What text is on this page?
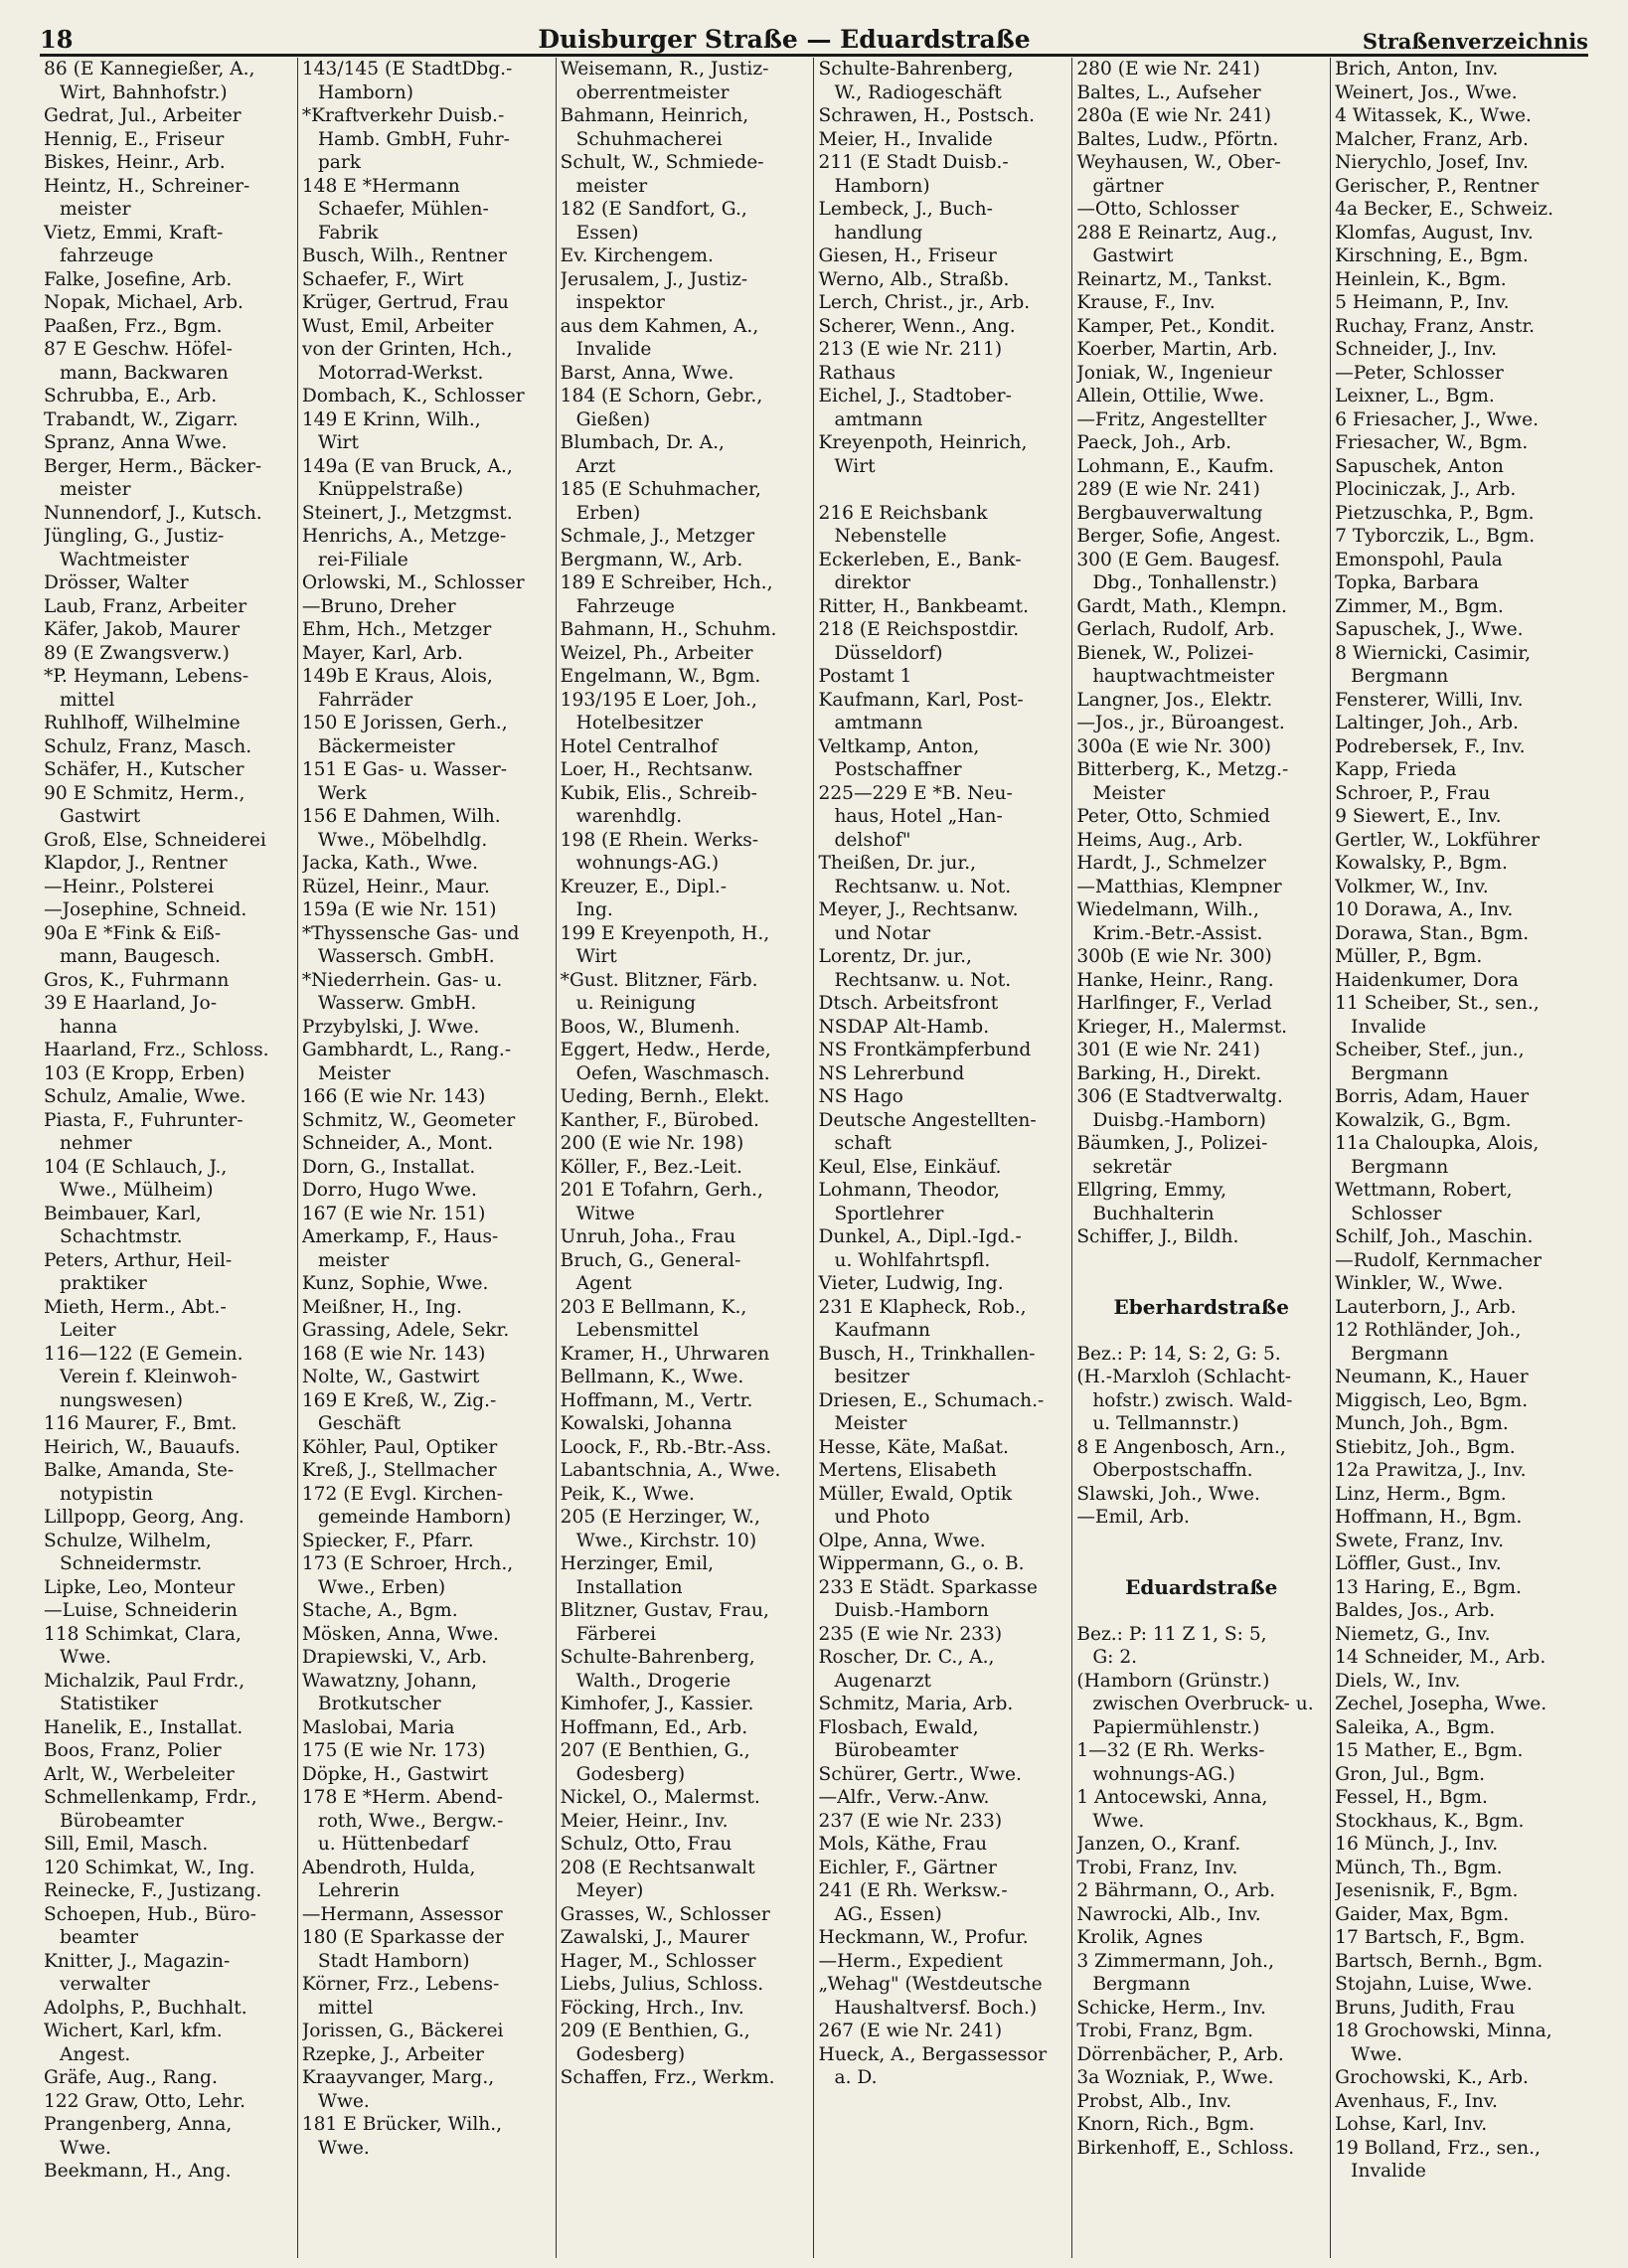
18	Duisburger Straße — Eduardstraße	Straßenverzeichnis
86 (E Kannegießer, A.,
Wirt, Bahnhofstr.)
Gedrat, Jul., Arbeiter
Hennig, E., Friseur
Biskes, Heinr., Arb.
Heintz, H., Schreiner-
meister
Vietz, Emmi, Kraft-
fahrzeuge
Falke, Josefine, Arb.
Nopak, Michael, Arb.
Paaßen, Frz., Bgm.
87 E Geschw. Höfel-
mann, Backwaren
Schrubba, E., Arb.
Trabandt, W., Zigarr.
Spranz, Anna Wwe.
Berger, Herm., Bäcker-
meister
Nunnendorf, J., Kutsch.
Jüngling, G., Justiz-
Wachtmeister
Drösser, Walter
Laub, Franz, Arbeiter
Käfer, Jakob, Maurer
89 (E Zwangsverw.)
*P. Heymann, Lebens-
mittel
Ruhlhoff, Wilhelmine
Schulz, Franz, Masch.
Schäfer, H., Kutscher
90 E Schmitz, Herm.,
Gastwirt
Groß, Else, Schneiderei
Klapdor, J., Rentner
—Heinr., Polsterei
—Josephine, Schneid.
90a E *Fink & Eiß-
mann, Baugesch.
Gros, K., Fuhrmann
39 E Haarland, Jo-
hanna
Haarland, Frz., Schloss.
103 (E Kropp, Erben)
Schulz, Amalie, Wwe.
Piasta, F., Fuhrunter-
nehmer
104 (E Schlauch, J.,
Wwe., Mülheim)
Beimbauer, Karl,
Schachtmstr.
Peters, Arthur, Heil-
praktiker
Mieth, Herm., Abt.-
Leiter
116—122 (E Gemein.
Verein f. Kleinwoh-
nungswesen)
116 Maurer, F., Bmt.
Heirich, W., Bauaufs.
Balke, Amanda, Ste-
notypistin
Lillpopp, Georg, Ang.
Schulze, Wilhelm,
Schneidermstr.
Lipke, Leo, Monteur
—Luise, Schneiderin
118 Schimkat, Clara,
Wwe.
Michalzik, Paul Frdr.,
Statistiker
Hanelik, E., Installat.
Boos, Franz, Polier
Arlt, W., Werbeleiter
Schmellenkamp, Frdr.,
Bürobeamter
Sill, Emil, Masch.
120 Schimkat, W., Ing.
Reinecke, F., Justizang.
Schoepen, Hub., Büro-
beamter
Knitter, J., Magazin-
verwalter
Adolphs, P., Buchhalt.
Wichert, Karl, kfm.
Angest.
Gräfe, Aug., Rang.
122 Graw, Otto, Lehr.
Prangenberg, Anna,
Wwe.
Beekmann, H., Ang.
143/145 (E StadtDbg.-
Hamborn)
*Kraftverkehr Duisb.-
Hamb. GmbH, Fuhr-
park
148 E *Hermann
Schaefer, Mühlen-
Fabrik
Busch, Wilh., Rentner
Schaefer, F., Wirt
Krüger, Gertrud, Frau
Wust, Emil, Arbeiter
von der Grinten, Hch.,
Motorrad-Werkst.
Dombach, K., Schlosser
149 E Krinn, Wilh.,
Wirt
149a (E van Bruck, A.,
Knüppelstraße)
Steinert, J., Metzgmst.
Henrichs, A., Metzge-
rei-Filiale
Orlowski, M., Schlosser
—Bruno, Dreher
Ehm, Hch., Metzger
Mayer, Karl, Arb.
149b E Kraus, Alois,
Fahrräder
150 E Jorissen, Gerh.,
Bäckermeister
151 E Gas- u. Wasser-
Werk
156 E Dahmen, Wilh.
Wwe., Möbelhdlg.
Jacka, Kath., Wwe.
Rüzel, Heinr., Maur.
159a (E wie Nr. 151)
*Thyssensche Gas- und
Wassersch. GmbH.
*Niederrhein. Gas- u.
Wasserw. GmbH.
Przybylski, J. Wwe.
Gambhardt, L., Rang.-
Meister
166 (E wie Nr. 143)
Schmitz, W., Geometer
Schneider, A., Mont.
Dorn, G., Installat.
Dorro, Hugo Wwe.
167 (E wie Nr. 151)
Amerkamp, F., Haus-
meister
Kunz, Sophie, Wwe.
Meißner, H., Ing.
Grassing, Adele, Sekr.
168 (E wie Nr. 143)
Nolte, W., Gastwirt
169 E Kreß, W., Zig.-
Geschäft
Köhler, Paul, Optiker
Kreß, J., Stellmacher
172 (E Evgl. Kirchen-
gemeinde Hamborn)
Spiecker, F., Pfarr.
173 (E Schroer, Hrch.,
Wwe., Erben)
Stache, A., Bgm.
Mösken, Anna, Wwe.
Drapiewski, V., Arb.
Wawatzny, Johann,
Brotkutscher
Maslobai, Maria
175 (E wie Nr. 173)
Döpke, H., Gastwirt
178 E *Herm. Abend-
roth, Wwe., Bergw.-
u. Hüttenbedarf
Abendroth, Hulda,
Lehrerin
—Hermann, Assessor
180 (E Sparkasse der
Stadt Hamborn)
Körner, Frz., Lebens-
mittel
Jorissen, G., Bäckerei
Rzepke, J., Arbeiter
Kraayvanger, Marg.,
Wwe.
181 E Brücker, Wilh.,
Wwe.
Weisemann, R., Justiz-
oberrentmeister
Bahmann, Heinrich,
Schuhmacherei
Schult, W., Schmiede-
meister
182 (E Sandfort, G.,
Essen)
Ev. Kirchengem.
Jerusalem, J., Justiz-
inspektor
aus dem Kahmen, A.,
Invalide
Barst, Anna, Wwe.
184 (E Schorn, Gebr.,
Gießen)
Blumbach, Dr. A.,
Arzt
185 (E Schuhmacher,
Erben)
Schmale, J., Metzger
Bergmann, W., Arb.
189 E Schreiber, Hch.,
Fahrzeuge
Bahmann, H., Schuhm.
Weizel, Ph., Arbeiter
Engelmann, W., Bgm.
193/195 E Loer, Joh.,
Hotelbesitzer
Hotel Centralhof
Loer, H., Rechtsanw.
Kubik, Elis., Schreib-
warenhdlg.
198 (E Rhein. Werks-
wohnungs-AG.)
Kreuzer, E., Dipl.-
Ing.
199 E Kreyenpoth, H.,
Wirt
*Gust. Blitzner, Färb.
u. Reinigung
Boos, W., Blumenh.
Eggert, Hedw., Herde,
Oefen, Waschmasch.
Ueding, Bernh., Elekt.
Kanther, F., Bürobed.
200 (E wie Nr. 198)
Köller, F., Bez.-Leit.
201 E Tofahrn, Gerh.,
Witwe
Unruh, Joha., Frau
Bruch, G., General-
Agent
203 E Bellmann, K.,
Lebensmittel
Kramer, H., Uhrwaren
Bellmann, K., Wwe.
Hoffmann, M., Vertr.
Kowalski, Johanna
Loock, F., Rb.-Btr.-Ass.
Labantschnia, A., Wwe.
Peik, K., Wwe.
205 (E Herzinger, W.,
Wwe., Kirchstr. 10)
Herzinger, Emil,
Installation
Blitzner, Gustav, Frau,
Färberei
Schulte-Bahrenberg,
Walth., Drogerie
Kimhofer, J., Kassier.
Hoffmann, Ed., Arb.
207 (E Benthien, G.,
Godesberg)
Nickel, O., Malermst.
Meier, Heinr., Inv.
Schulz, Otto, Frau
208 (E Rechtsanwalt
Meyer)
Grasses, W., Schlosser
Zawalski, J., Maurer
Hager, M., Schlosser
Liebs, Julius, Schloss.
Föcking, Hrch., Inv.
209 (E Benthien, G.,
Godesberg)
Schaffen, Frz., Werkm.
Schulte-Bahrenberg,
W., Radiogeschäft
Schrawen, H., Postsch.
Meier, H., Invalide
211 (E Stadt Duisb.-
Hamborn)
Lembeck, J., Buch-
handlung
Giesen, H., Friseur
Werno, Alb., Straßb.
Lerch, Christ., jr., Arb.
Scherer, Wenn., Ang.
213 (E wie Nr. 211)
Rathaus
Eichel, J., Stadtober-
amtmann
Kreyenpoth, Heinrich,
Wirt
216 E Reichsbank
Nebenstelle
Eckerleben, E., Bank-
direktor
Ritter, H., Bankbeamt.
218 (E Reichspostdir.
Düsseldorf)
Postamt 1
Kaufmann, Karl, Post-
amtmann
Veltkamp, Anton,
Postschaffner
225—229 E *B. Neu-
haus, Hotel „Han-
delshof"
Theißen, Dr. jur.,
Rechtsanw. u. Not.
Meyer, J., Rechtsanw.
und Notar
Lorentz, Dr. jur.,
Rechtsanw. u. Not.
Dtsch. Arbeitsfront
NSDAP Alt-Hamb.
NS Frontkämpferbund
NS Lehrerbund
NS Hago
Deutsche Angestellten-
schaft
Keul, Else, Einkäuf.
Lohmann, Theodor,
Sportlehrer
Dunkel, A., Dipl.-Igd.-
u. Wohlfahrtspfl.
Vieter, Ludwig, Ing.
231 E Klapheck, Rob.,
Kaufmann
Busch, H., Trinkhallen-
besitzer
Driesen, E., Schumach.-
Meister
Hesse, Käte, Maßat.
Mertens, Elisabeth
Müller, Ewald, Optik
und Photo
Olpe, Anna, Wwe.
Wippermann, G., o. B.
233 E Städt. Sparkasse
Duisb.-Hamborn
235 (E wie Nr. 233)
Roscher, Dr. C., A.,
Augenarzt
Schmitz, Maria, Arb.
Flosbach, Ewald,
Bürobeamter
Schürer, Gertr., Wwe.
—Alfr., Verw.-Anw.
237 (E wie Nr. 233)
Mols, Käthe, Frau
Eichler, F., Gärtner
241 (E Rh. Werksw.-
AG., Essen)
Heckmann, W., Profur.
—Herm., Expedient
„Wehag" (Westdeutsche
Haushaltversf. Boch.)
267 (E wie Nr. 241)
Hueck, A., Bergassessor
a. D.
280 (E wie Nr. 241)
Baltes, L., Aufseher
280a (E wie Nr. 241)
Baltes, Ludw., Pförtn.
Weyhausen, W., Ober-
gärtner
—Otto, Schlosser
288 E Reinartz, Aug.,
Gastwirt
Reinartz, M., Tankst.
Krause, F., Inv.
Kamper, Pet., Kondit.
Koerber, Martin, Arb.
Joniak, W., Ingenieur
Allein, Ottilie, Wwe.
—Fritz, Angestellter
Paeck, Joh., Arb.
Lohmann, E., Kaufm.
289 (E wie Nr. 241)
Bergbauverwaltung
Berger, Sofie, Angest.
300 (E Gem. Baugesf.
Dbg., Tonhallenstr.)
Gardt, Math., Klempn.
Gerlach, Rudolf, Arb.
Bienek, W., Polizei-
hauptwachtmeister
Langner, Jos., Elektr.
—Jos., jr., Büroangest.
300a (E wie Nr. 300)
Bitterberg, K., Metzg.-
Meister
Peter, Otto, Schmied
Heims, Aug., Arb.
Hardt, J., Schmelzer
—Matthias, Klempner
Wiedelmann, Wilh.,
Krim.-Betr.-Assist.
300b (E wie Nr. 300)
Hanke, Heinr., Rang.
Harlfinger, F., Verlad
Krieger, H., Malermst.
301 (E wie Nr. 241)
Barking, H., Direkt.
306 (E Stadtverwaltg.
Duisbg.-Hamborn)
Bäumken, J., Polizei-
sekretär
Ellgring, Emmy,
Buchhalterin
Schiffer, J., Bildh.
Eberhardstraße
Bez.: P: 14, S: 2, G: 5.
(H.-Marxloh (Schlacht-
hofstr.) zwisch. Wald-
u. Tellmannstr.)
8 E Angenbosch, Arn.,
Oberpostschaffn.
Slawski, Joh., Wwe.
—Emil, Arb.
Eduardstraße
Bez.: P: 11 Z 1, S: 5,
G: 2.
(Hamborn (Grünstr.)
zwischen Overbruck- u.
Papiermühlenstr.)
1—32 (E Rh. Werks-
wohnungs-AG.)
1 Antocewski, Anna,
Wwe.
Janzen, O., Kranf.
Trobi, Franz, Inv.
2 Bährmann, O., Arb.
Nawrocki, Alb., Inv.
Krolik, Agnes
3 Zimmermann, Joh.,
Bergmann
Schicke, Herm., Inv.
Trobi, Franz, Bgm.
Dörrenbächer, P., Arb.
3a Wozniak, P., Wwe.
Probst, Alb., Inv.
Knorn, Rich., Bgm.
Birkenhoff, E., Schloss.
Brich, Anton, Inv.
Weinert, Jos., Wwe.
4 Witassek, K., Wwe.
Malcher, Franz, Arb.
Nierychlo, Josef, Inv.
Gerischer, P., Rentner
4a Becker, E., Schweiz.
Klomfas, August, Inv.
Kirschning, E., Bgm.
Heinlein, K., Bgm.
5 Heimann, P., Inv.
Ruchay, Franz, Anstr.
Schneider, J., Inv.
—Peter, Schlosser
Leixner, L., Bgm.
6 Friesacher, J., Wwe.
Friesacher, W., Bgm.
Sapuschek, Anton
Plociniczak, J., Arb.
Pietzuschka, P., Bgm.
7 Tyborczik, L., Bgm.
Emonspohl, Paula
Topka, Barbara
Zimmer, M., Bgm.
Sapuschek, J., Wwe.
8 Wiernicki, Casimir,
Bergmann
Fensterer, Willi, Inv.
Laltinger, Joh., Arb.
Podrebersek, F., Inv.
Kapp, Frieda
Schroer, P., Frau
9 Siewert, E., Inv.
Gertler, W., Lokführer
Kowalsky, P., Bgm.
Volkmer, W., Inv.
10 Dorawa, A., Inv.
Dorawa, Stan., Bgm.
Müller, P., Bgm.
Haidenkumer, Dora
11 Scheiber, St., sen.,
Invalide
Scheiber, Stef., jun.,
Bergmann
Borris, Adam, Hauer
Kowalzik, G., Bgm.
11a Chaloupka, Alois,
Bergmann
Wettmann, Robert,
Schlosser
Schilf, Joh., Maschin.
—Rudolf, Kernmacher
Winkler, W., Wwe.
Lauterborn, J., Arb.
12 Rothländer, Joh.,
Bergmann
Neumann, K., Hauer
Miggisch, Leo, Bgm.
Munch, Joh., Bgm.
Stiebitz, Joh., Bgm.
12a Prawitza, J., Inv.
Linz, Herm., Bgm.
Hoffmann, H., Bgm.
Swete, Franz, Inv.
Löffler, Gust., Inv.
13 Haring, E., Bgm.
Baldes, Jos., Arb.
Niemetz, G., Inv.
14 Schneider, M., Arb.
Diels, W., Inv.
Zechel, Josepha, Wwe.
Saleika, A., Bgm.
15 Mather, E., Bgm.
Gron, Jul., Bgm.
Fessel, H., Bgm.
Stockhaus, K., Bgm.
16 Münch, J., Inv.
Münch, Th., Bgm.
Jesenisnik, F., Bgm.
Gaider, Max, Bgm.
17 Bartsch, F., Bgm.
Bartsch, Bernh., Bgm.
Stojahn, Luise, Wwe.
Bruns, Judith, Frau
18 Grochowski, Minna,
Wwe.
Grochowski, K., Arb.
Avenhaus, F., Inv.
Lohse, Karl, Inv.
19 Bolland, Frz., sen.,
Invalide
